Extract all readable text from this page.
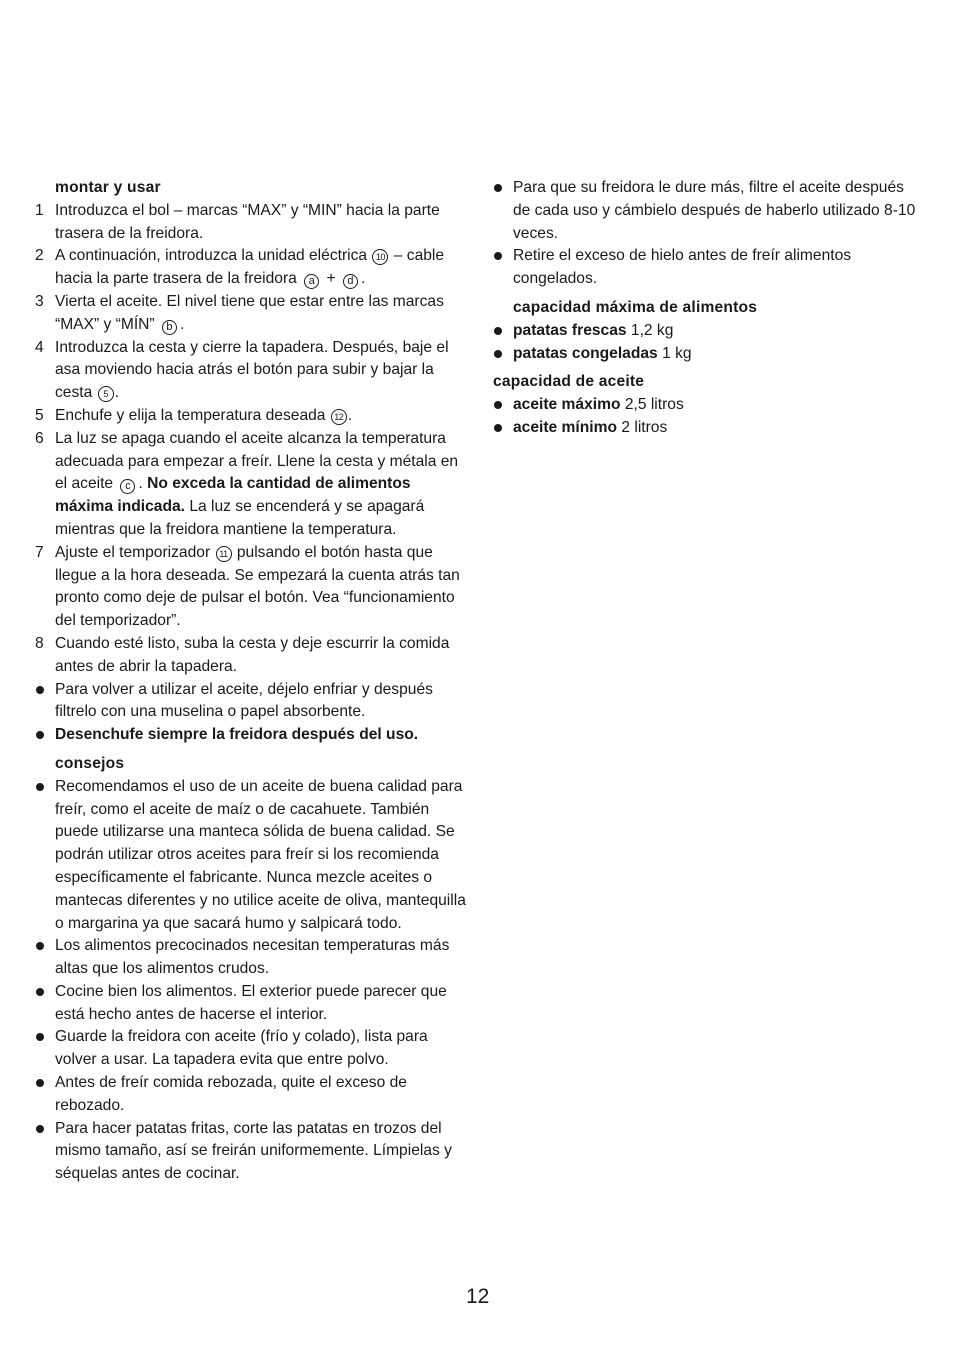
montar y usar
1 Introduzca el bol – marcas “MAX” y “MIN” hacia la parte trasera de la freidora.
2 A continuación, introduzca la unidad eléctrica 10 – cable hacia la parte trasera de la freidora a + d .
3 Vierta el aceite. El nivel tiene que estar entre las marcas “MAX” y “MÍN” b .
4 Introduzca la cesta y cierre la tapadera. Después, baje el asa moviendo hacia atrás el botón para subir y bajar la cesta 5 .
5 Enchufe y elija la temperatura deseada 12 .
6 La luz se apaga cuando el aceite alcanza la temperatura adecuada para empezar a freír. Llene la cesta y métala en el aceite c . No exceda la cantidad de alimentos máxima indicada. La luz se encenderá y se apagará mientras que la freidora mantiene la temperatura.
7 Ajuste el temporizador 11 pulsando el botón hasta que llegue a la hora deseada. Se empezará la cuenta atrás tan pronto como deje de pulsar el botón. Vea “funcionamiento del temporizador”.
8 Cuando esté listo, suba la cesta y deje escurrir la comida antes de abrir la tapadera.
Para volver a utilizar el aceite, déjelo enfriar y después filtrelo con una muselina o papel absorbente.
Desenchufe siempre la freidora después del uso.
consejos
Recomendamos el uso de un aceite de buena calidad para freír, como el aceite de maíz o de cacahuete. También puede utilizarse una manteca sólida de buena calidad. Se podrán utilizar otros aceites para freír si los recomienda específicamente el fabricante. Nunca mezcle aceites o mantecas diferentes y no utilice aceite de oliva, mantequilla o margarina ya que sacará humo y salpicará todo.
Los alimentos precocinados necesitan temperaturas más altas que los alimentos crudos.
Cocine bien los alimentos. El exterior puede parecer que está hecho antes de hacerse el interior.
Guarde la freidora con aceite (frío y colado), lista para volver a usar. La tapadera evita que entre polvo.
Antes de freír comida rebozada, quite el exceso de rebozado.
Para hacer patatas fritas, corte las patatas en trozos del mismo tamaño, así se freirán uniformemente. Límpielas y séquelas antes de cocinar.
Para que su freidora le dure más, filtre el aceite después de cada uso y cámbielo después de haberlo utilizado 8-10 veces.
Retire el exceso de hielo antes de freír alimentos congelados.
capacidad máxima de alimentos
patatas frescas 1,2 kg
patatas congeladas 1 kg
capacidad de aceite
aceite máximo 2,5 litros
aceite mínimo 2 litros
12
